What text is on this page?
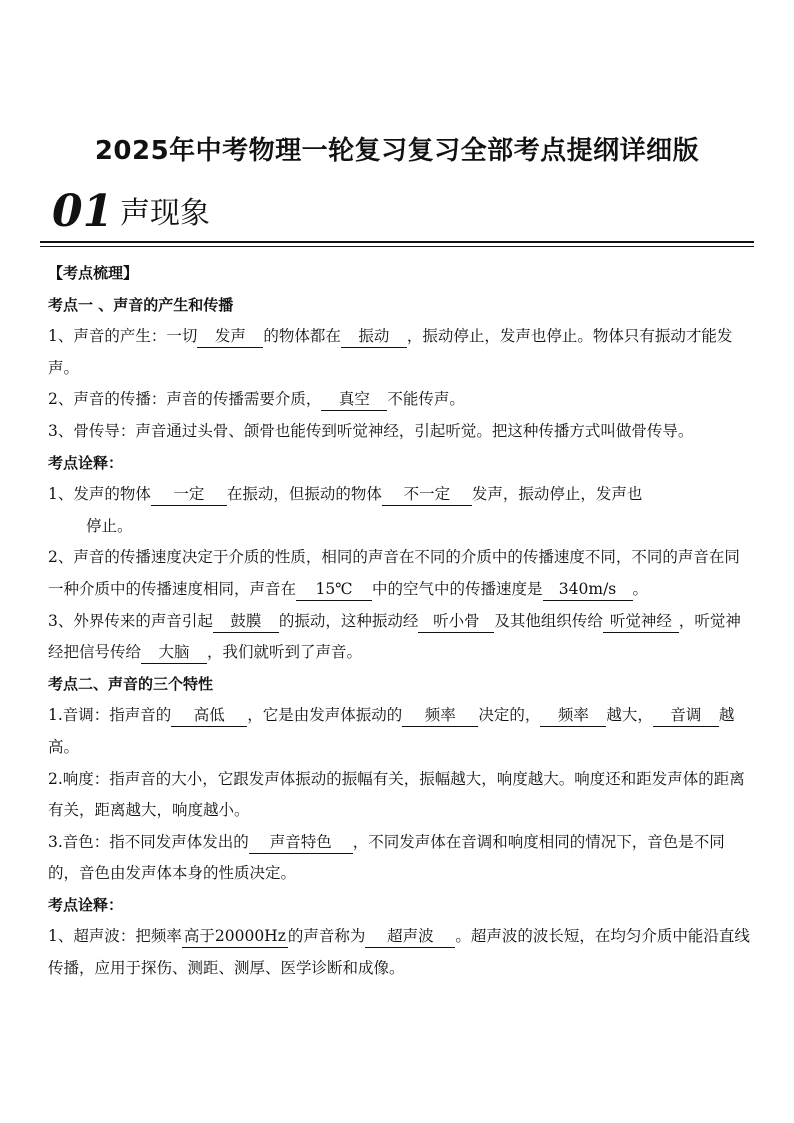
2025年中考物理一轮复习复习全部考点提纲详细版
01 声现象

【考点梳理】

考点一 、声音的产生和传播

1、声音的产生：一切 发声 的物体都在 振动 ，振动停止，发声也停止。物体只有振动才能发声。

2、声音的传播：声音的传播需要介质， 真空 不能传声。

3、骨传导：声音通过头骨、颌骨也能传到听觉神经，引起听觉。把这种传播方式叫做骨传导。

考点诠释：

1、发声的物体 一定 在振动，但振动的物体 不一定 发声，振动停止，发声也

停止。

2、声音的传播速度决定于介质的性质，相同的声音在不同的介质中的传播速度不同，不同的声音在同一种介质中的传播速度相同，声音在 15℃ 中的空气中的传播速度是 340m/s 。

3、外界传来的声音引起 鼓膜 的振动，这种振动经 听小骨 及其他组织传给 听觉神经 ，听觉神经把信号传给 大脑 ，我们就听到了声音。

考点二、声音的三个特性

1.音调：指声音的 高低 ，它是由发声体振动的 频率 决定的， 频率 越大， 音调 越高。

2.响度：指声音的大小，它跟发声体振动的振幅有关，振幅越大，响度越大。响度还和距发声体的距离有关，距离越大，响度越小。

3.音色：指不同发声体发出的 声音特色 ，不同发声体在音调和响度相同的情况下，音色是不同的，音色由发声体本身的性质决定。

考点诠释：

1、超声波：把频率 高于20000Hz 的声音称为 超声波 。超声波的波长短，在均匀介质中能沿直线传播，应用于探伤、测距、测厚、医学诊断和成像。
